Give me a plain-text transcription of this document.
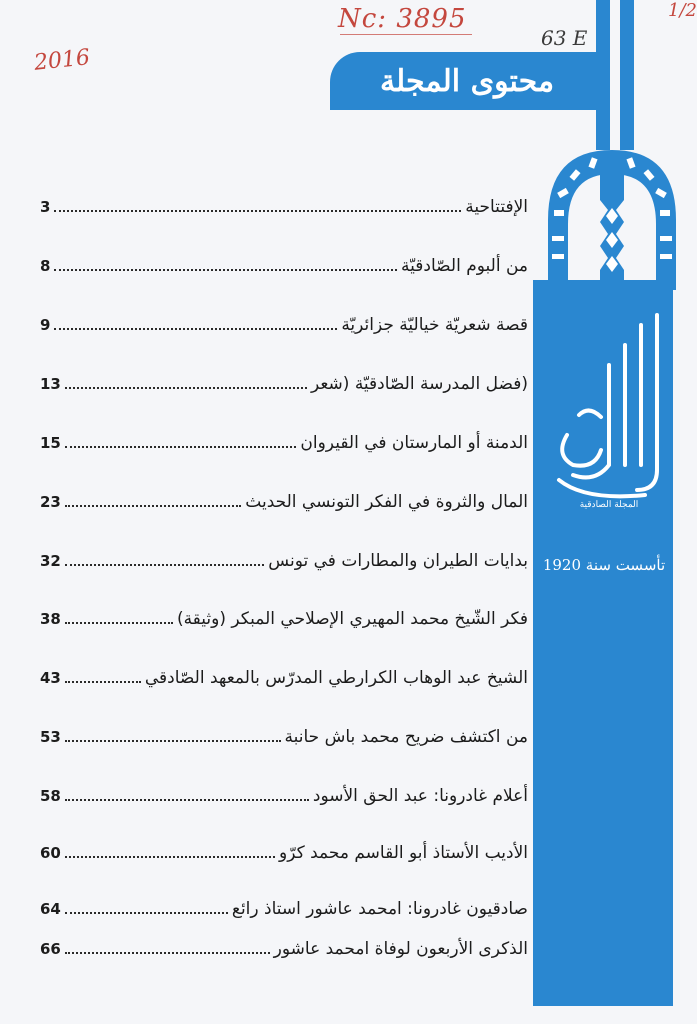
Nc: 3895
2016
63 E
1/2
محتوى المجلة
المجلة الصادقية
تأسست سنة 1920
3	الإفتتاحية
8	من ألبوم الصّادقيّة
9	قصة شعريّة خياليّة جزائريّة
13	(فضل المدرسة الصّادقيّة (شعر
15	الدمنة أو المارستان في القيروان
23	المال والثروة في الفكر التونسي الحديث
32	بدايات الطيران والمطارات في تونس
38	فكر الشّيخ محمد المهيري الإصلاحي المبكر (وثيقة)
43	الشيخ عبد الوهاب الكرارطي المدرّس بالمعهد الصّادقي
53	من اكتشف ضريح محمد باش حانبة
58	أعلام غادرونا: عبد الحق الأسود
60	الأديب الأستاذ أبو القاسم محمد كرّو
64	صادقيون غادرونا: امحمد عاشور استاذ رائع
66	الذكرى الأربعون لوفاة امحمد عاشور
